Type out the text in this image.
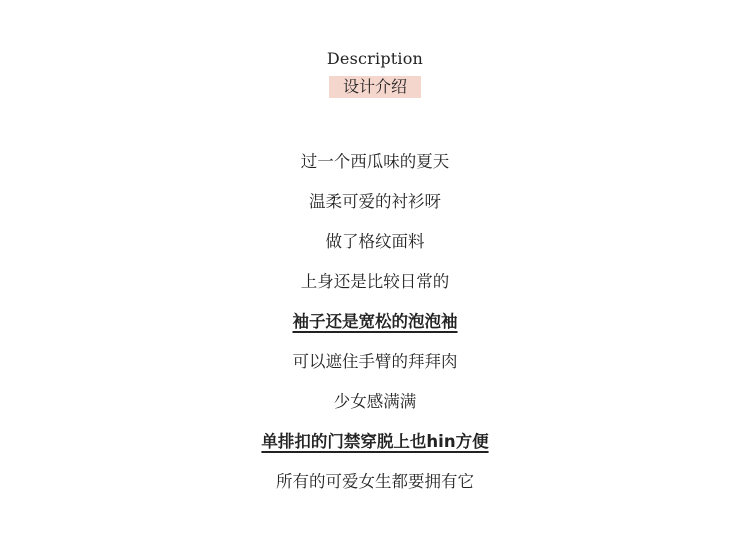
Description
设计介绍
过一个西瓜味的夏天
温柔可爱的衬衫呀
做了格纹面料
上身还是比较日常的
袖子还是宽松的泡泡袖
可以遮住手臂的拜拜肉
少女感满满
单排扣的门禁穿脱上也hin方便
所有的可爱女生都要拥有它
